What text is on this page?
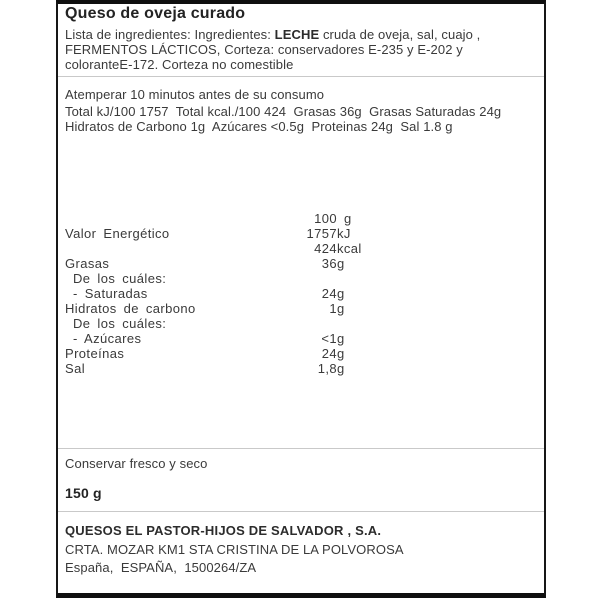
Queso de oveja curado
Lista de ingredientes: Ingredientes: LECHE cruda de oveja, sal, cuajo ,
FERMENTOS LÁCTICOS, Corteza: conservadores E-235 y E-202 y
coloranteE-172. Corteza no comestible
Atemperar 10 minutos antes de su consumo
Total kJ/100 1757  Total kcal./100 424  Grasas 36g  Grasas Saturadas 24g
Hidratos de Carbono 1g  Azúcares <0.5g  Proteinas 24g  Sal 1.8 g
100 g
Valor Energético	1757 kJ
424 kcal
Grasas	36 g
De los cuáles:
- Saturadas	24 g
Hidratos de carbono	1 g
De los cuáles:
- Azúcares	<1 g
Proteínas	24 g
Sal	1,8 g
Conservar fresco y seco
150 g
QUESOS EL PASTOR-HIJOS DE SALVADOR , S.A.
CRTA. MOZAR KM1 STA CRISTINA DE LA POLVOROSA
España,  ESPAÑA,  1500264/ZA
